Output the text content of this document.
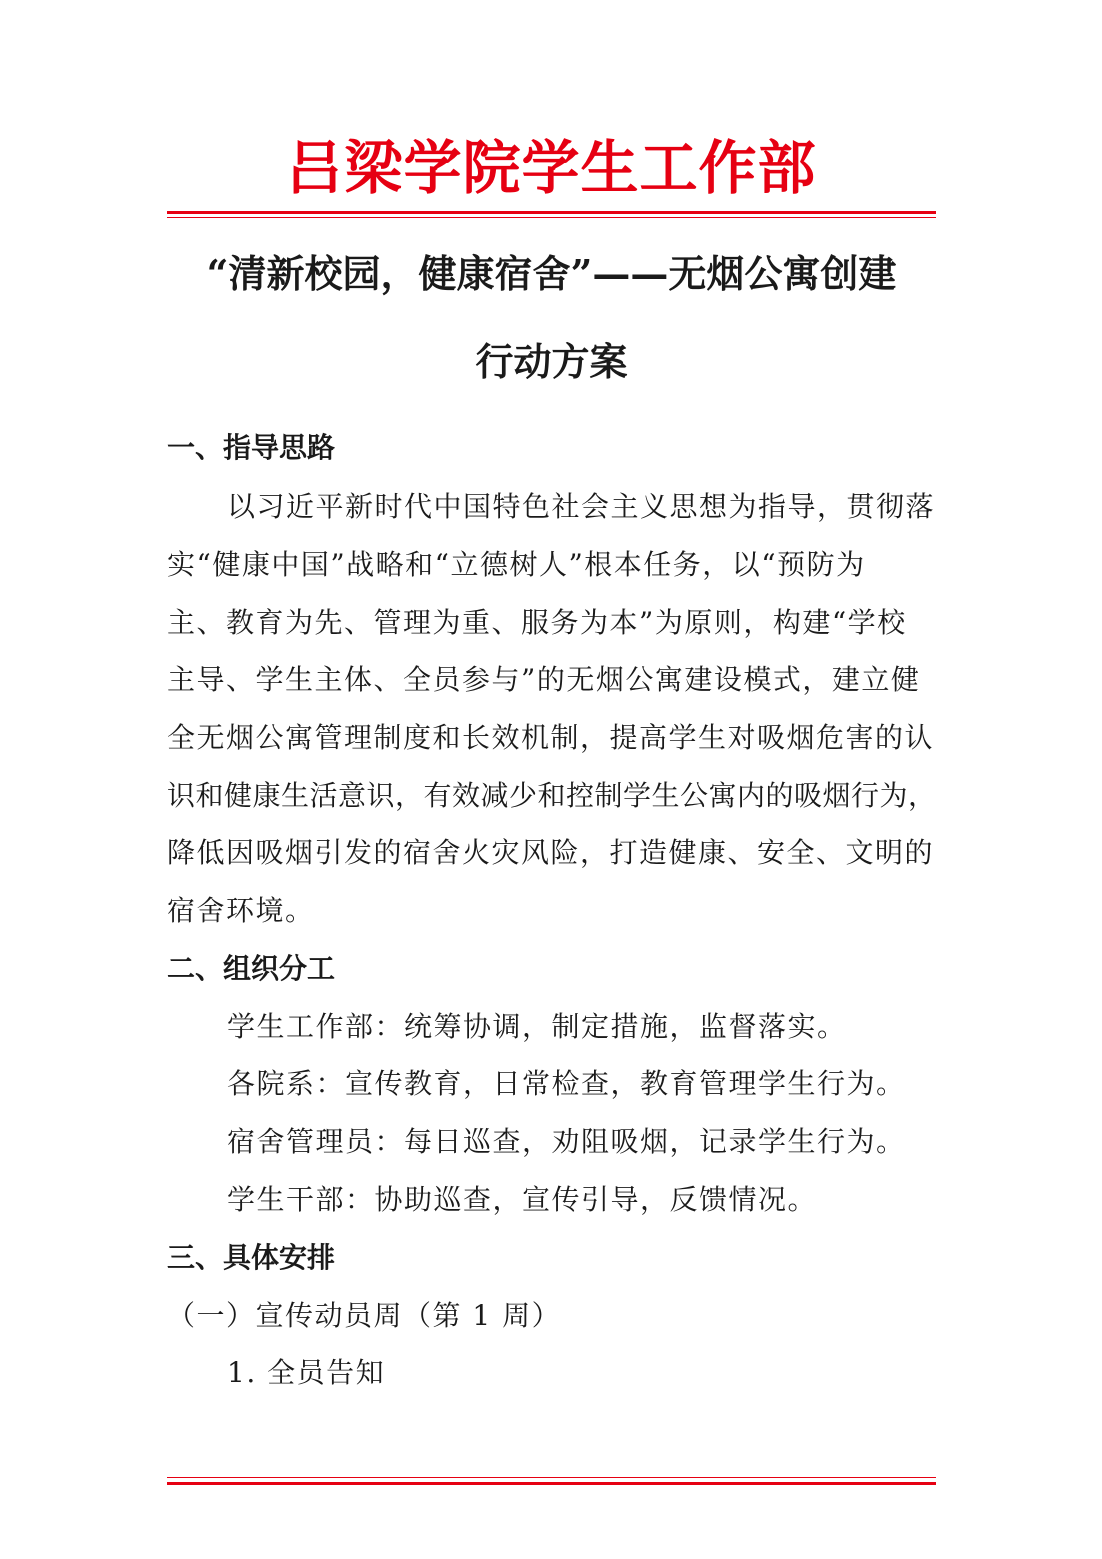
吕梁学院学生工作部
“清新校园，健康宿舍”——无烟公寓创建
行动方案
一、指导思路
以习近平新时代中国特色社会主义思想为指导，贯彻落
实“健康中国”战略和“立德树人”根本任务，以“预防为
主、教育为先、管理为重、服务为本”为原则，构建“学校
主导、学生主体、全员参与”的无烟公寓建设模式，建立健
全无烟公寓管理制度和长效机制，提高学生对吸烟危害的认
识和健康生活意识，有效减少和控制学生公寓内的吸烟行为，
降低因吸烟引发的宿舍火灾风险，打造健康、安全、文明的
宿舍环境。
二、组织分工
学生工作部：统筹协调，制定措施，监督落实。
各院系：宣传教育，日常检查，教育管理学生行为。
宿舍管理员：每日巡查，劝阻吸烟，记录学生行为。
学生干部：协助巡查，宣传引导，反馈情况。
三、具体安排
（一）宣传动员周（第 1 周）
1. 全员告知
